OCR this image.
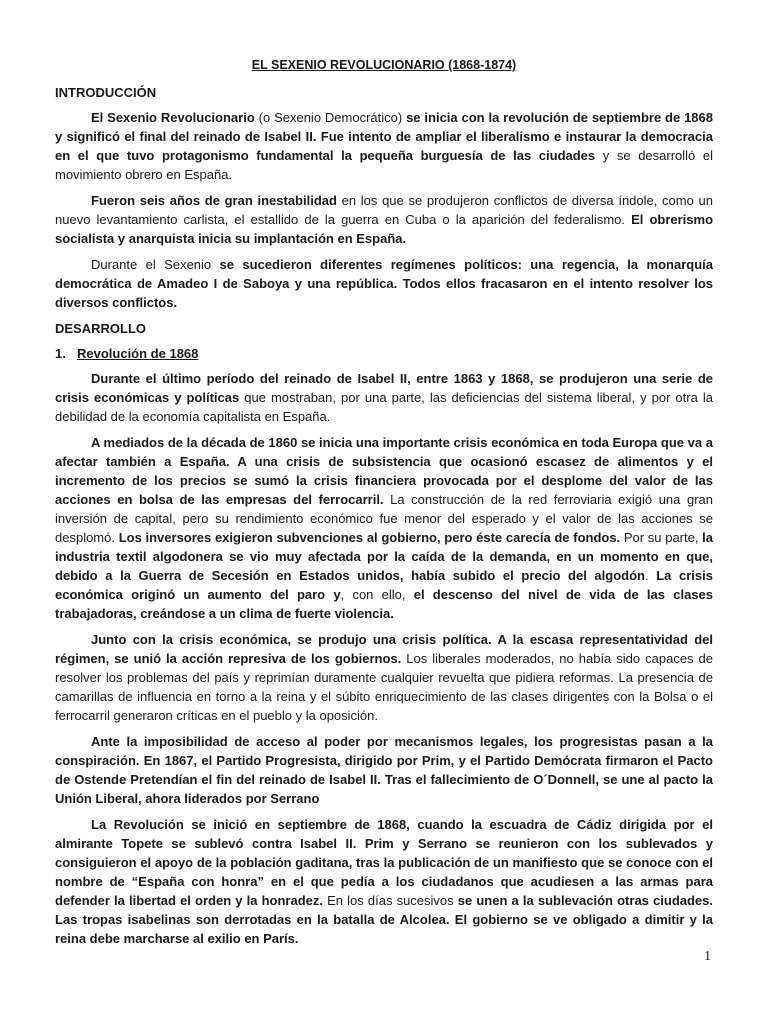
EL SEXENIO REVOLUCIONARIO (1868-1874)
INTRODUCCIÓN

El Sexenio Revolucionario (o Sexenio Democrático) se inicia con la revolución de septiembre de 1868 y significó el final del reinado de Isabel II. Fue intento de ampliar el liberalismo e instaurar la democracia en el que tuvo protagonismo fundamental la pequeña burguesía de las ciudades y se desarrolló el movimiento obrero en España.

Fueron seis años de gran inestabilidad en los que se produjeron conflictos de diversa índole, como un nuevo levantamiento carlista, el estallido de la guerra en Cuba o la aparición del federalismo. El obrerismo socialista y anarquista inicia su implantación en España.

Durante el Sexenio se sucedieron diferentes regímenes políticos: una regencia, la monarquía democrática de Amadeo I de Saboya y una república. Todos ellos fracasaron en el intento resolver los diversos conflictos.

DESARROLLO
1. Revolución de 1868

Durante el último período del reinado de Isabel II, entre 1863 y 1868, se produjeron una serie de crisis económicas y políticas que mostraban, por una parte, las deficiencias del sistema liberal, y por otra la debilidad de la economía capitalista en España.

A mediados de la década de 1860 se inicia una importante crisis económica en toda Europa que va a afectar también a España. A una crisis de subsistencia que ocasionó escasez de alimentos y el incremento de los precios se sumó la crisis financiera provocada por el desplome del valor de las acciones en bolsa de las empresas del ferrocarril. La construcción de la red ferroviaria exigió una gran inversión de capital, pero su rendimiento económico fue menor del esperado y el valor de las acciones se desplomó. Los inversores exigieron subvenciones al gobierno, pero éste carecía de fondos. Por su parte, la industria textil algodonera se vio muy afectada por la caída de la demanda, en un momento en que, debido a la Guerra de Secesión en Estados unidos, había subido el precio del algodón. La crisis económica originó un aumento del paro y, con ello, el descenso del nivel de vida de las clases trabajadoras, creándose a un clima de fuerte violencia.

Junto con la crisis económica, se produjo una crisis política. A la escasa representatividad del régimen, se unió la acción represiva de los gobiernos. Los liberales moderados, no había sido capaces de resolver los problemas del país y reprimían duramente cualquier revuelta que pidiera reformas. La presencia de camarillas de influencia en torno a la reina y el súbito enriquecimiento de las clases dirigentes con la Bolsa o el ferrocarril generaron críticas en el pueblo y la oposición.

Ante la imposibilidad de acceso al poder por mecanismos legales, los progresistas pasan a la conspiración. En 1867, el Partido Progresista, dirigido por Prim, y el Partido Demócrata firmaron el Pacto de Ostende Pretendían el fin del reinado de Isabel II. Tras el fallecimiento de O´Donnell, se une al pacto la Unión Liberal, ahora liderados por Serrano

La Revolución se inició en septiembre de 1868, cuando la escuadra de Cádiz dirigida por el almirante Topete se sublevó contra Isabel II. Prim y Serrano se reunieron con los sublevados y consiguieron el apoyo de la población gaditana, tras la publicación de un manifiesto que se conoce con el nombre de “España con honra” en el que pedía a los ciudadanos que acudiesen a las armas para defender la libertad el orden y la honradez. En los días sucesivos se unen a la sublevación otras ciudades. Las tropas isabelinas son derrotadas en la batalla de Alcolea. El gobierno se ve obligado a dimitir y la reina debe marcharse al exilio en París.

1
